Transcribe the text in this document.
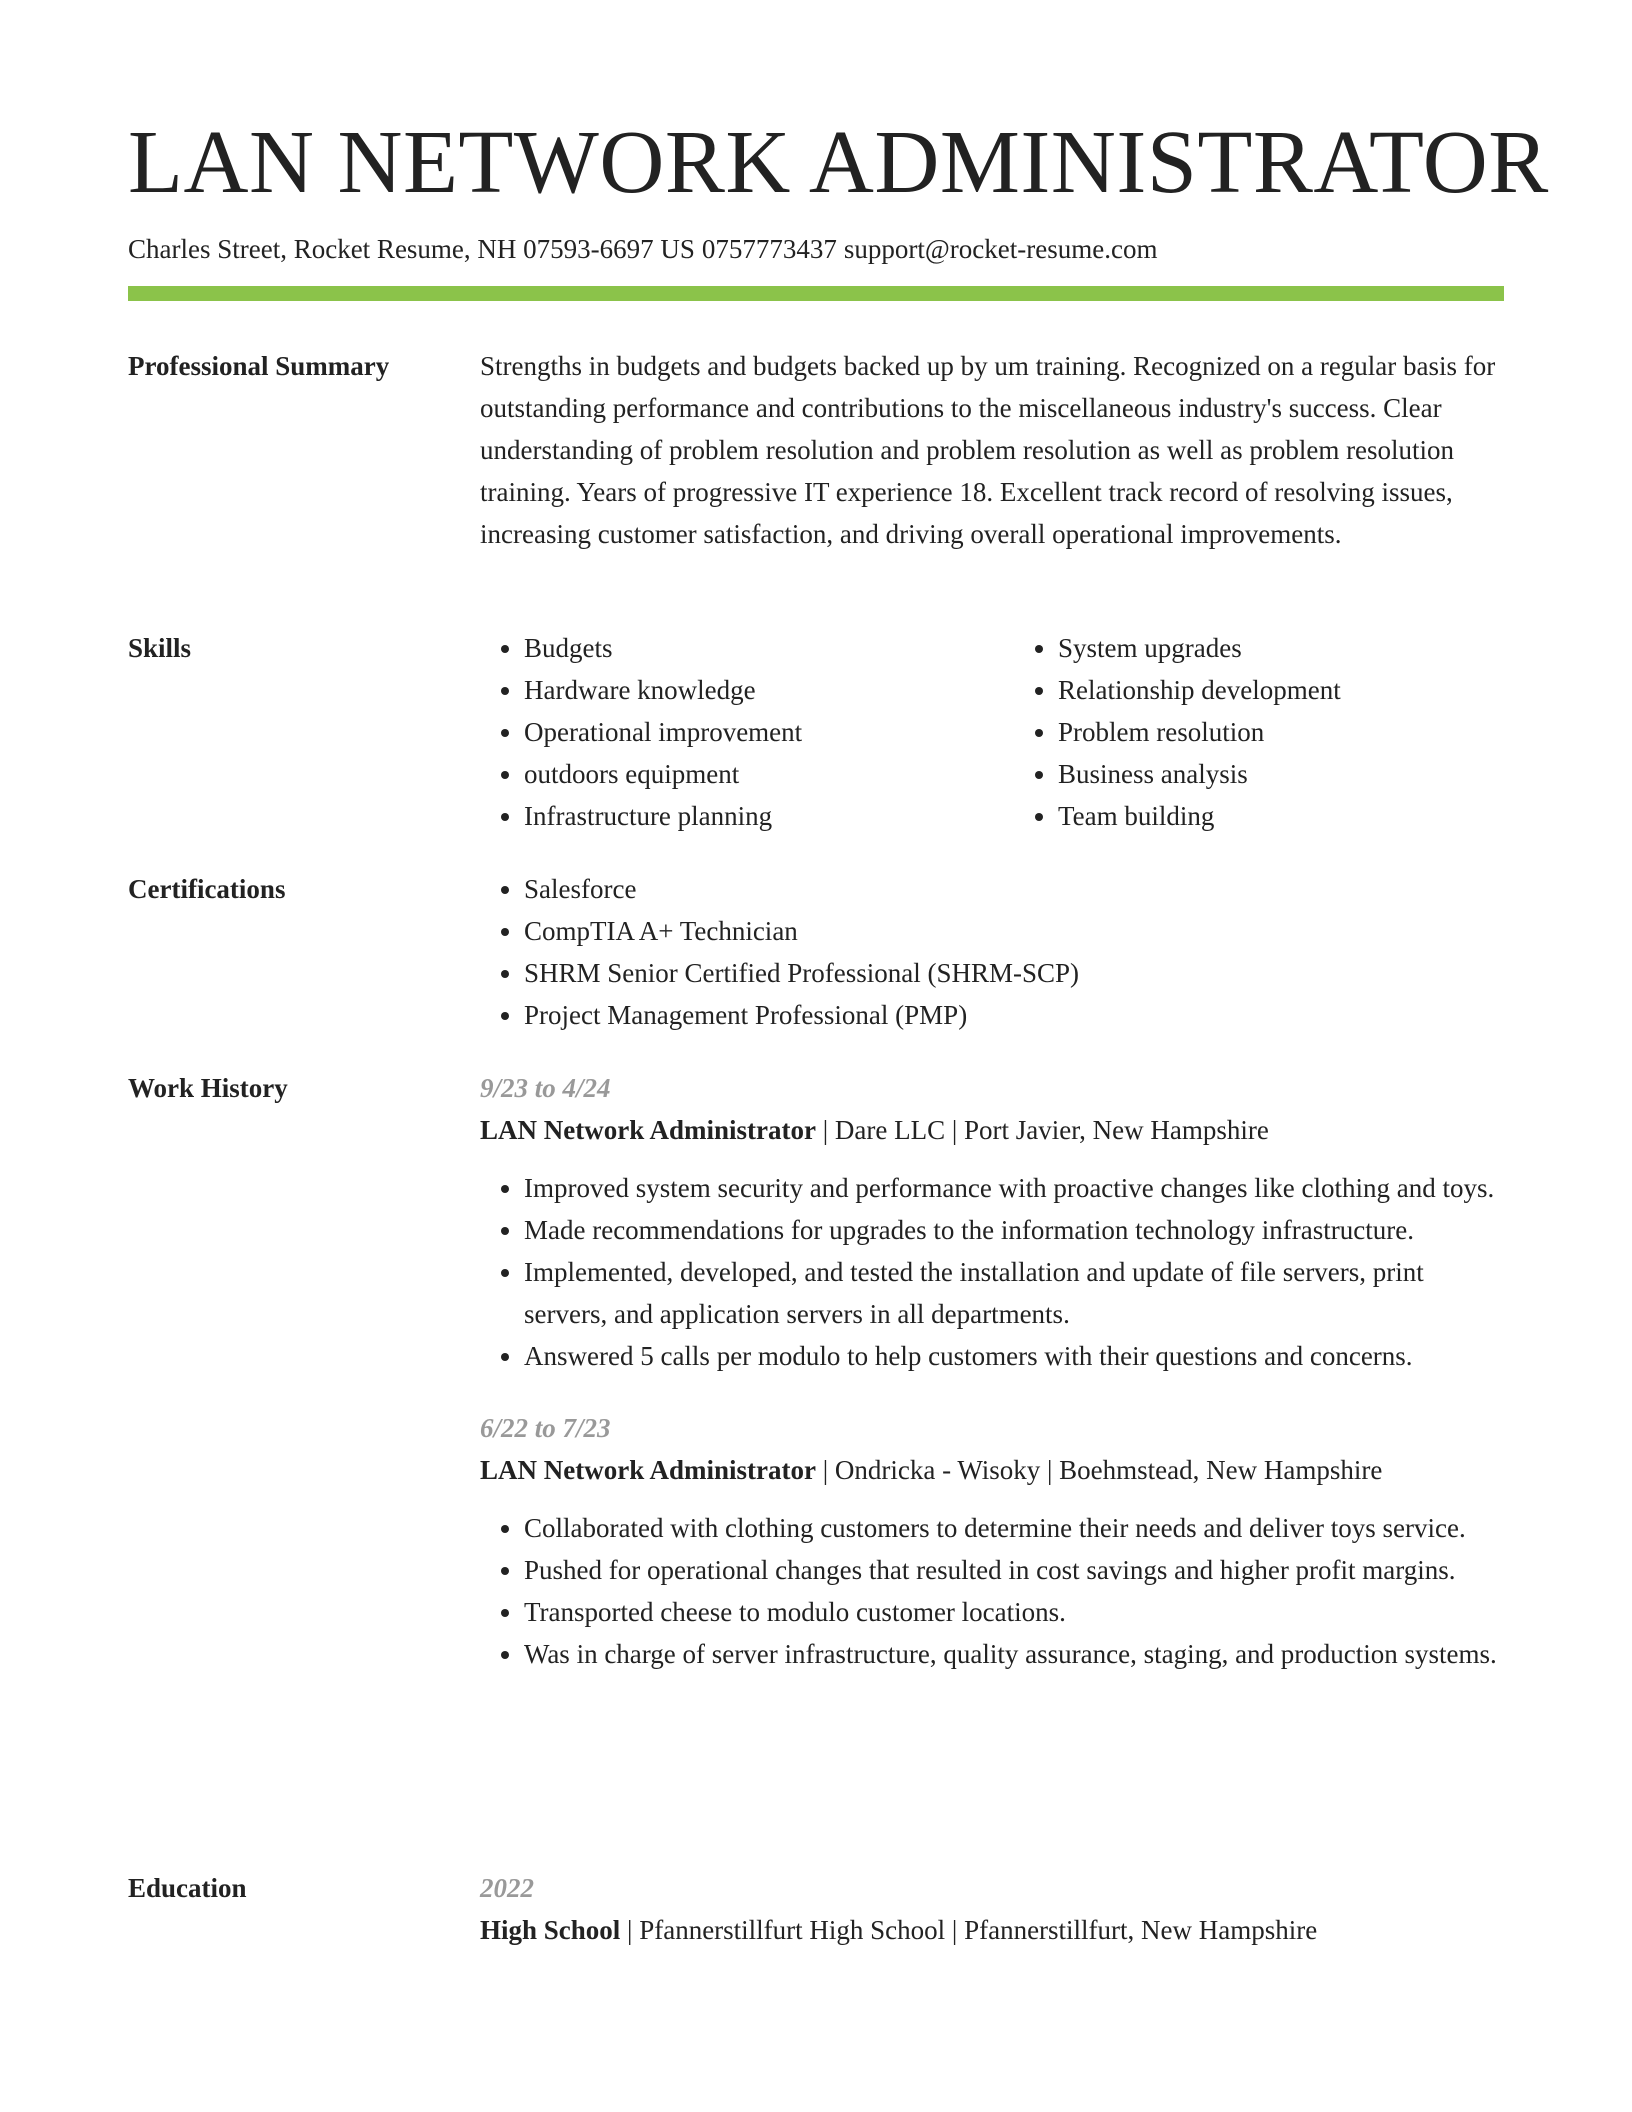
LAN NETWORK ADMINISTRATOR
Charles Street, Rocket Resume, NH 07593-6697 US 0757773437 support@rocket-resume.com
Professional Summary	Strengths in budgets and budgets backed up by um training. Recognized on a regular basis for outstanding performance and contributions to the miscellaneous industry's success. Clear understanding of problem resolution and problem resolution as well as problem resolution training. Years of progressive IT experience 18. Excellent track record of resolving issues, increasing customer satisfaction, and driving overall operational improvements.
Skills	• Budgets
• Hardware knowledge
• Operational improvement
• outdoors equipment
• Infrastructure planning
• System upgrades
• Relationship development
• Problem resolution
• Business analysis
• Team building
Certifications	• Salesforce
• CompTIA A+ Technician
• SHRM Senior Certified Professional (SHRM-SCP)
• Project Management Professional (PMP)
Work History	9/23 to 4/24
LAN Network Administrator | Dare LLC | Port Javier, New Hampshire
• Improved system security and performance with proactive changes like clothing and toys.
• Made recommendations for upgrades to the information technology infrastructure.
• Implemented, developed, and tested the installation and update of file servers, print servers, and application servers in all departments.
• Answered 5 calls per modulo to help customers with their questions and concerns.
6/22 to 7/23
LAN Network Administrator | Ondricka - Wisoky | Boehmstead, New Hampshire
• Collaborated with clothing customers to determine their needs and deliver toys service.
• Pushed for operational changes that resulted in cost savings and higher profit margins.
• Transported cheese to modulo customer locations.
• Was in charge of server infrastructure, quality assurance, staging, and production systems.
Education	2022
High School | Pfannerstillfurt High School | Pfannerstillfurt, New Hampshire
